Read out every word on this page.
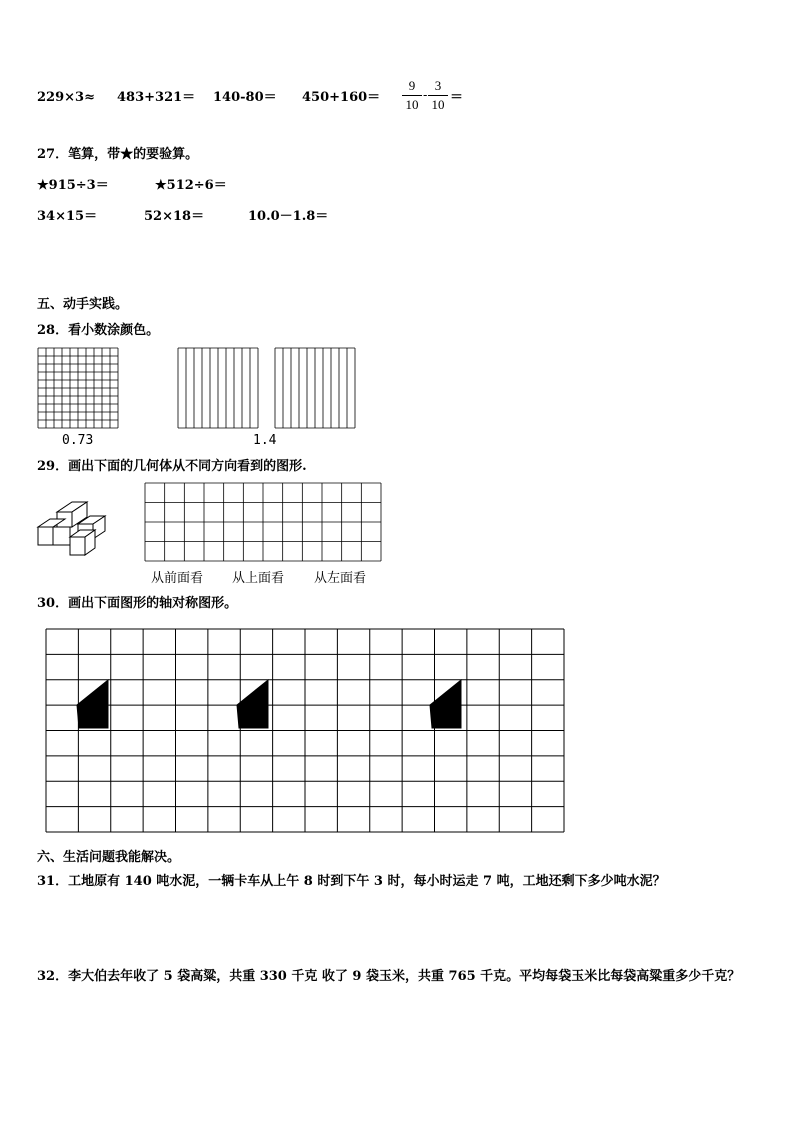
229×3≈ 483+321＝ 140-80＝ 450+160＝
9
10
-
3
10 ＝
27．笔算，带★的要验算。
★915÷3＝	★512÷6＝
34×15＝	52×18＝	10.0－1.8＝
五、动手实践。
28．看小数涂颜色。
0.73	1.4
29．画出下面的几何体从不同方向看到的图形.
从前面看 从上面看 从左面看
30．画出下面图形的轴对称图形。
六、生活问题我能解决。
31．工地原有 140 吨水泥，一辆卡车从上午 8 时到下午 3 时，每小时运走 7 吨，工地还剩下多少吨水泥？
32．李大伯去年收了 5 袋高粱，共重 330 千克 收了 9 袋玉米，共重 765 千克。平均每袋玉米比每袋高粱重多少千克？
